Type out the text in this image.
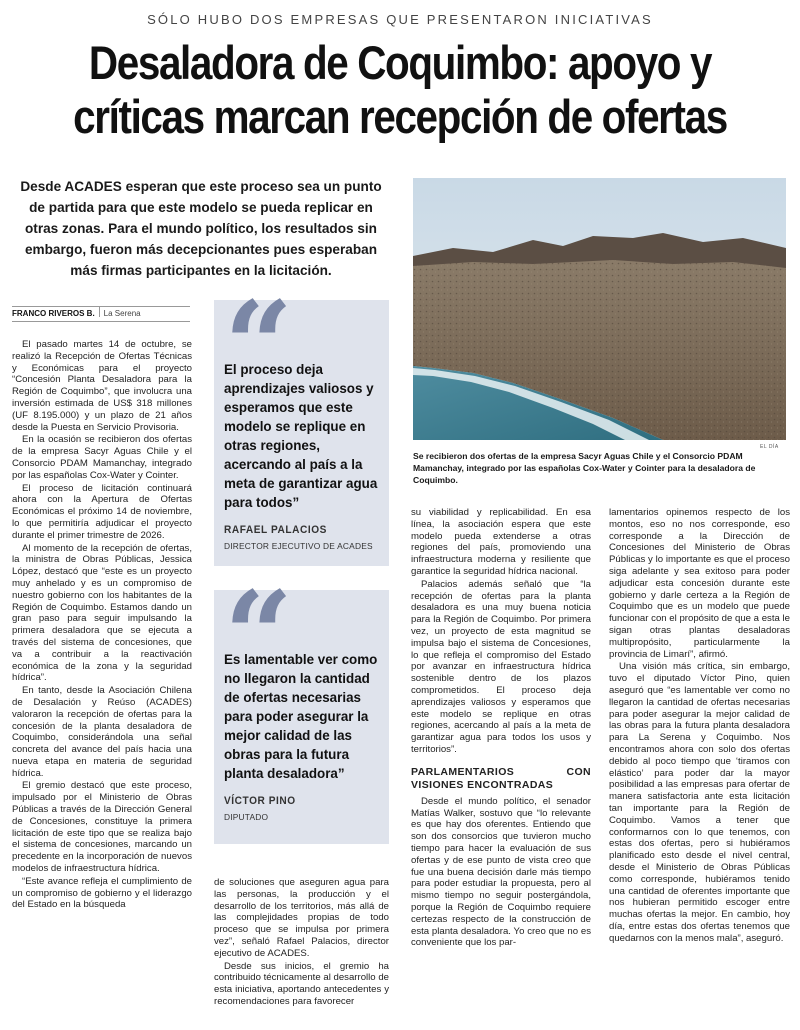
SÓLO HUBO DOS EMPRESAS QUE PRESENTARON INICIATIVAS
Desaladora de Coquimbo: apoyo y críticas marcan recepción de ofertas
Desde ACADES esperan que este proceso sea un punto de partida para que este modelo se pueda replicar en otras zonas. Para el mundo político, los resultados sin embargo, fueron más decepcionantes pues esperaban más firmas participantes en la licitación.
EL DÍA
Se recibieron dos ofertas de la empresa Sacyr Aguas Chile y el Consorcio PDAM Mamanchay, integrado por las españolas Cox-Water y Cointer para la desaladora de Coquimbo.
FRANCO RIVEROS B. La Serena

El pasado martes 14 de octubre, se realizó la Recepción de Ofertas Técnicas y Económicas para el proyecto “Concesión Planta Desaladora para la Región de Coquimbo”, que involucra una inversión estimada de US$ 318 millones (UF 8.195.000) y un plazo de 21 años desde la Puesta en Servicio Provisoria.

En la ocasión se recibieron dos ofertas de la empresa Sacyr Aguas Chile y el Consorcio PDAM Mamanchay, integrado por las españolas Cox-Water y Cointer.

El proceso de licitación continuará ahora con la Apertura de Ofertas Económicas el próximo 14 de noviembre, lo que permitiría adjudicar el proyecto durante el primer trimestre de 2026.

Al momento de la recepción de ofertas, la ministra de Obras Públicas, Jessica López, destacó que “este es un proyecto muy anhelado y es un compromiso de nuestro gobierno con los habitantes de la Región de Coquimbo. Estamos dando un gran paso para seguir impulsando la primera desaladora que se ejecuta a través del sistema de concesiones, que va a contribuir a la reactivación económica de la zona y la seguridad hídrica”.

En tanto, desde la Asociación Chilena de Desalación y Reúso (ACADES) valoraron la recepción de ofertas para la concesión de la planta desaladora de Coquimbo, considerándola una señal concreta del avance del país hacia una nueva etapa en materia de seguridad hídrica.

El gremio destacó que este proceso, impulsado por el Ministerio de Obras Públicas a través de la Dirección General de Concesiones, constituye la primera licitación de este tipo que se realiza bajo el sistema de concesiones, marcando un precedente en la incorporación de nuevos modelos de infraestructura hídrica.

“Este avance refleja el cumplimiento de un compromiso de gobierno y el liderazgo del Estado en la búsqueda

El proceso deja aprendizajes valiosos y esperamos que este modelo se replique en otras regiones, acercando al país a la meta de garantizar agua para todos”
RAFAEL PALACIOS
DIRECTOR EJECUTIVO DE ACADES
Es lamentable ver como no llegaron la cantidad de ofertas necesarias para poder asegurar la mejor calidad de las obras para la futura planta desaladora”
VÍCTOR PINO
DIPUTADO

de soluciones que aseguren agua para las personas, la producción y el desarrollo de los territorios, más allá de las complejidades propias de todo proceso que se impulsa por primera vez”, señaló Rafael Palacios, director ejecutivo de ACADES.

Desde sus inicios, el gremio ha contribuido técnicamente al desarrollo de esta iniciativa, aportando antecedentes y recomendaciones para favorecer

su viabilidad y replicabilidad. En esa línea, la asociación espera que este modelo pueda extenderse a otras regiones del país, promoviendo una infraestructura moderna y resiliente que garantice la seguridad hídrica nacional.

Palacios además señaló que “la recepción de ofertas para la planta desaladora es una muy buena noticia para la Región de Coquimbo. Por primera vez, un proyecto de esta magnitud se impulsa bajo el sistema de Concesiones, lo que refleja el compromiso del Estado por avanzar en infraestructura hídrica sostenible dentro de los plazos comprometidos. El proceso deja aprendizajes valiosos y esperamos que este modelo se replique en otras regiones, acercando al país a la meta de garantizar agua para todos los usos y territorios”.

PARLAMENTARIOS CON VISIONES ENCONTRADAS

Desde el mundo político, el senador Matías Walker, sostuvo que “lo relevante es que hay dos oferentes. Entiendo que son dos consorcios que tuvieron mucho tiempo para hacer la evaluación de sus ofertas y de ese punto de vista creo que fue una buena decisión darle más tiempo para poder estudiar la propuesta, pero al mismo tiempo no seguir postergándola, porque la Región de Coquimbo requiere certezas respecto de la construcción de esta planta desaladora. Yo creo que no es conveniente que los par-

lamentarios opinemos respecto de los montos, eso no nos corresponde, eso corresponde a la Dirección de Concesiones del Ministerio de Obras Públicas y lo importante es que el proceso siga adelante y sea exitoso para poder adjudicar esta concesión durante este gobierno y darle certeza a la Región de Coquimbo que es un modelo que puede funcionar con el propósito de que a esta le sigan otras plantas desaladoras multipropósito, particularmente la provincia de Limarí”, afirmó.

Una visión más crítica, sin embargo, tuvo el diputado Víctor Pino, quien aseguró que “es lamentable ver como no llegaron la cantidad de ofertas necesarias para poder asegurar la mejor calidad de las obras para la futura planta desaladora para La Serena y Coquimbo. Nos encontramos ahora con solo dos ofertas debido al poco tiempo que ‘tiramos con elástico’ para poder dar la mayor posibilidad a las empresas para ofertar de manera satisfactoria ante esta licitación tan importante para la Región de Coquimbo. Vamos a tener que conformarnos con lo que tenemos, con estas dos ofertas, pero si hubiéramos planificado esto desde el nivel central, desde el Ministerio de Obras Públicas como corresponde, hubiéramos tenido una cantidad de oferentes importante que nos hubieran permitido escoger entre muchas ofertas la mejor. En cambio, hoy día, entre estas dos ofertas tenemos que quedarnos con la menos mala”, aseguró.
